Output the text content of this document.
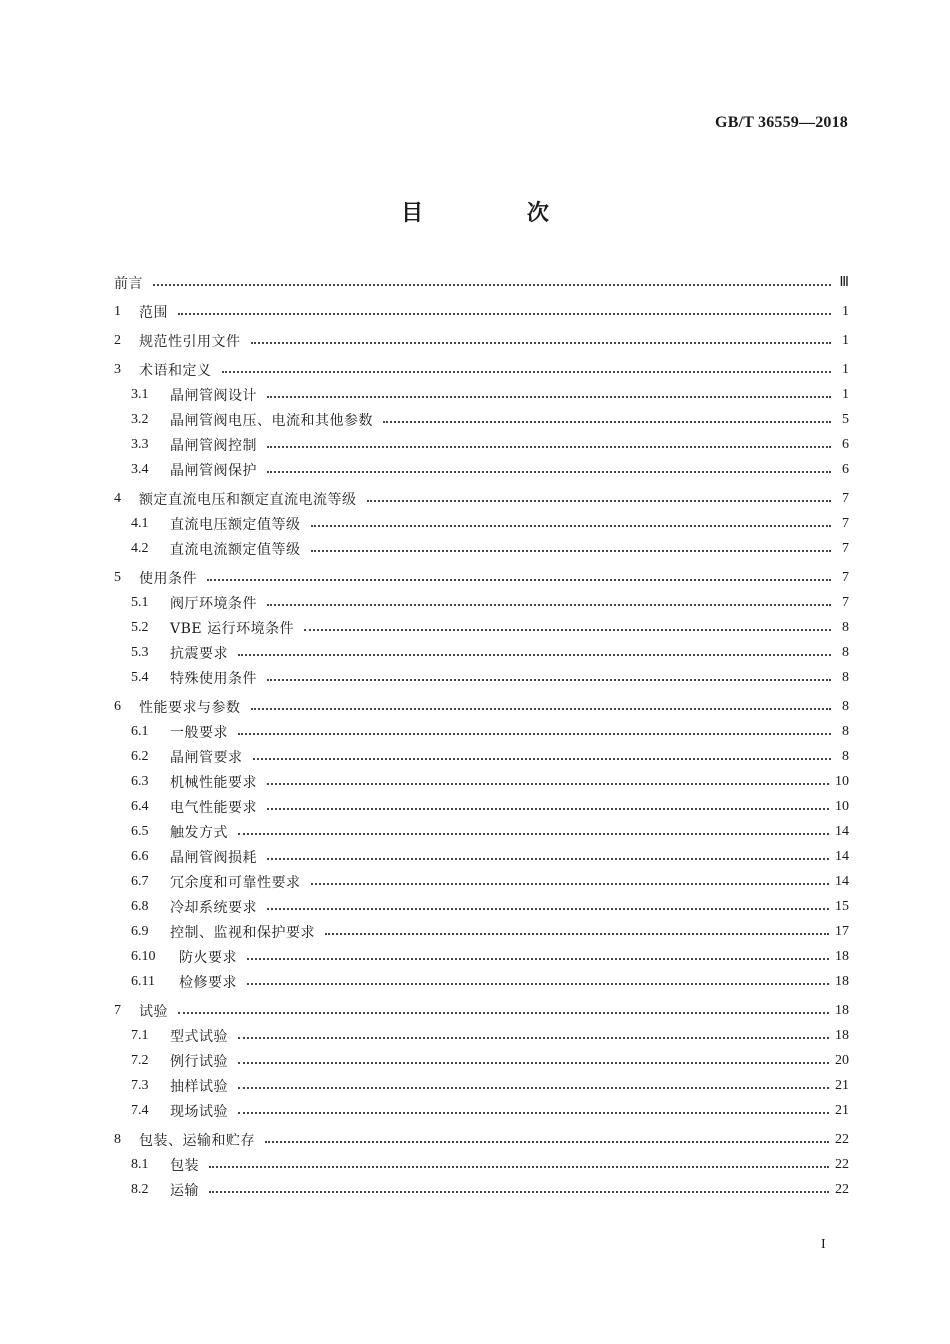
GB/T 36559—2018
目 次
前言	Ⅲ
1	范围	1
2	规范性引用文件	1
3	术语和定义	1
3.1	晶闸管阀设计	1
3.2	晶闸管阀电压、电流和其他参数	5
3.3	晶闸管阀控制	6
3.4	晶闸管阀保护	6
4	额定直流电压和额定直流电流等级	7
4.1	直流电压额定值等级	7
4.2	直流电流额定值等级	7
5	使用条件	7
5.1	阀厅环境条件	7
5.2	VBE 运行环境条件	8
5.3	抗震要求	8
5.4	特殊使用条件	8
6	性能要求与参数	8
6.1	一般要求	8
6.2	晶闸管要求	8
6.3	机械性能要求	10
6.4	电气性能要求	10
6.5	触发方式	14
6.6	晶闸管阀损耗	14
6.7	冗余度和可靠性要求	14
6.8	冷却系统要求	15
6.9	控制、监视和保护要求	17
6.10	防火要求	18
6.11	检修要求	18
7	试验	18
7.1	型式试验	18
7.2	例行试验	20
7.3	抽样试验	21
7.4	现场试验	21
8	包装、运输和贮存	22
8.1	包装	22
8.2	运输	22
I
